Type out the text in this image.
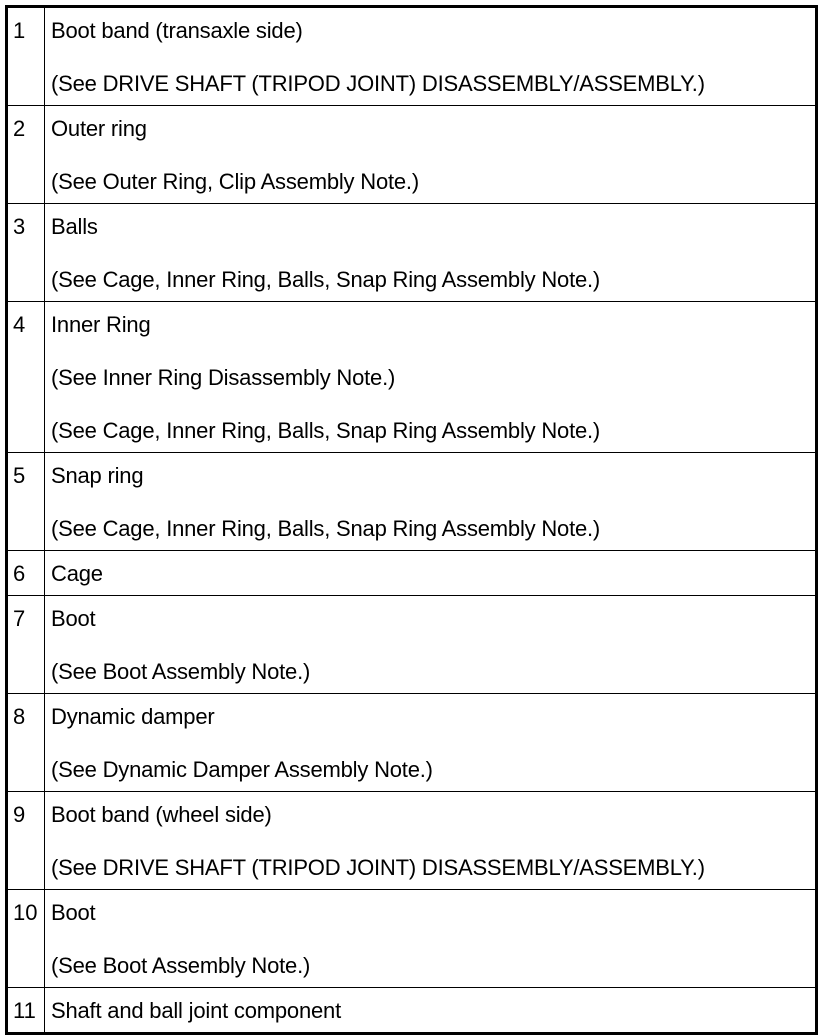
1	Boot band (transaxle side)
(See DRIVE SHAFT (TRIPOD JOINT) DISASSEMBLY/ASSEMBLY.)

2	Outer ring
(See Outer Ring, Clip Assembly Note.)

3	Balls
(See Cage, Inner Ring, Balls, Snap Ring Assembly Note.)

4	Inner Ring
(See Inner Ring Disassembly Note.)
(See Cage, Inner Ring, Balls, Snap Ring Assembly Note.)

5	Snap ring
(See Cage, Inner Ring, Balls, Snap Ring Assembly Note.)

6	Cage

7	Boot
(See Boot Assembly Note.)

8	Dynamic damper
(See Dynamic Damper Assembly Note.)

9	Boot band (wheel side)
(See DRIVE SHAFT (TRIPOD JOINT) DISASSEMBLY/ASSEMBLY.)

10	Boot
(See Boot Assembly Note.)

11	Shaft and ball joint component
